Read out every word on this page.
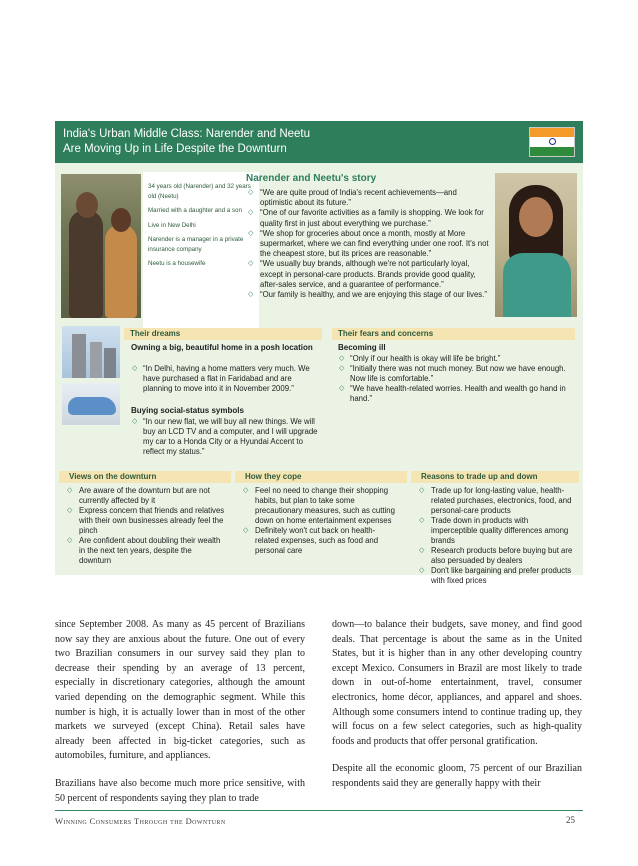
India's Urban Middle Class: Narender and Neetu
Are Moving Up in Life Despite the Downturn

34 years old (Narender) and 32 years old (Neetu)

Married with a daughter and a son

Live in New Delhi

Narender is a manager in a private insurance company

Neetu is a housewife

Narender and Neetu's story
◇ “We are quite proud of India's recent achievements—and optimistic about its future.”
◇ “One of our favorite activities as a family is shopping. We look for quality first in just about everything we purchase.”
◇ “We shop for groceries about once a month, mostly at More supermarket, where we can find everything under one roof. It's not the cheapest store, but its prices are reasonable.”
◇ “We usually buy brands, although we're not particularly loyal, except in personal-care products. Brands provide good quality, after-sales service, and a guarantee of performance.”
◇ “Our family is healthy, and we are enjoying this stage of our lives.”
Their dreams
Owning a big, beautiful home in a posh location
◇ “In Delhi, having a home matters very much. We have purchased a flat in Faridabad and are planning to move into it in November 2009.”
Buying social-status symbols
◇ “In our new flat, we will buy all new things. We will buy an LCD TV and a computer, and I will upgrade my car to a Honda City or a Hyundai Accent to reflect my status.”
Their fears and concerns
Becoming ill
◇ “Only if our health is okay will life be bright.”
◇ “Initially there was not much money. But now we have enough. Now life is comfortable.”
◇ “We have health-related worries. Health and wealth go hand in hand.”
Views on the downturn	How they cope	Reasons to trade up and down
◇ Are aware of the downturn but are not currently affected by it
◇ Express concern that friends and relatives with their own businesses already feel the pinch
◇ Are confident about doubling their wealth in the next ten years, despite the downturn
◇ Feel no need to change their shopping habits, but plan to take some precautionary measures, such as cutting down on home entertainment expenses
◇ Definitely won't cut back on health-related expenses, such as food and personal care
◇ Trade up for long-lasting value, health-related purchases, electronics, food, and personal-care products
◇ Trade down in products with imperceptible quality differences among brands
◇ Research products before buying but are also persuaded by dealers
◇ Don't like bargaining and prefer products with fixed prices

since September 2008. As many as 45 percent of Brazilians now say they are anxious about the future. One out of every two Brazilian consumers in our survey said they plan to decrease their spending by an average of 13 percent, especially in discretionary categories, although the amount varied depending on the demographic segment. While this number is high, it is actually lower than in most of the other markets we surveyed (except China). Retail sales have already been affected in big-ticket categories, such as automobiles, furniture, and appliances.

Brazilians have also become much more price sensitive, with 50 percent of respondents saying they plan to trade

down—to balance their budgets, save money, and find good deals. That percentage is about the same as in the United States, but it is higher than in any other developing country except Mexico. Consumers in Brazil are most likely to trade down in out-of-home entertainment, travel, consumer electronics, home décor, appliances, and apparel and shoes. Although some consumers intend to continue trading up, they will focus on a few select categories, such as high-quality foods and products that offer personal gratification.

Despite all the economic gloom, 75 percent of our Brazilian respondents said they are generally happy with their

Winning Consumers Through the Downturn	25
